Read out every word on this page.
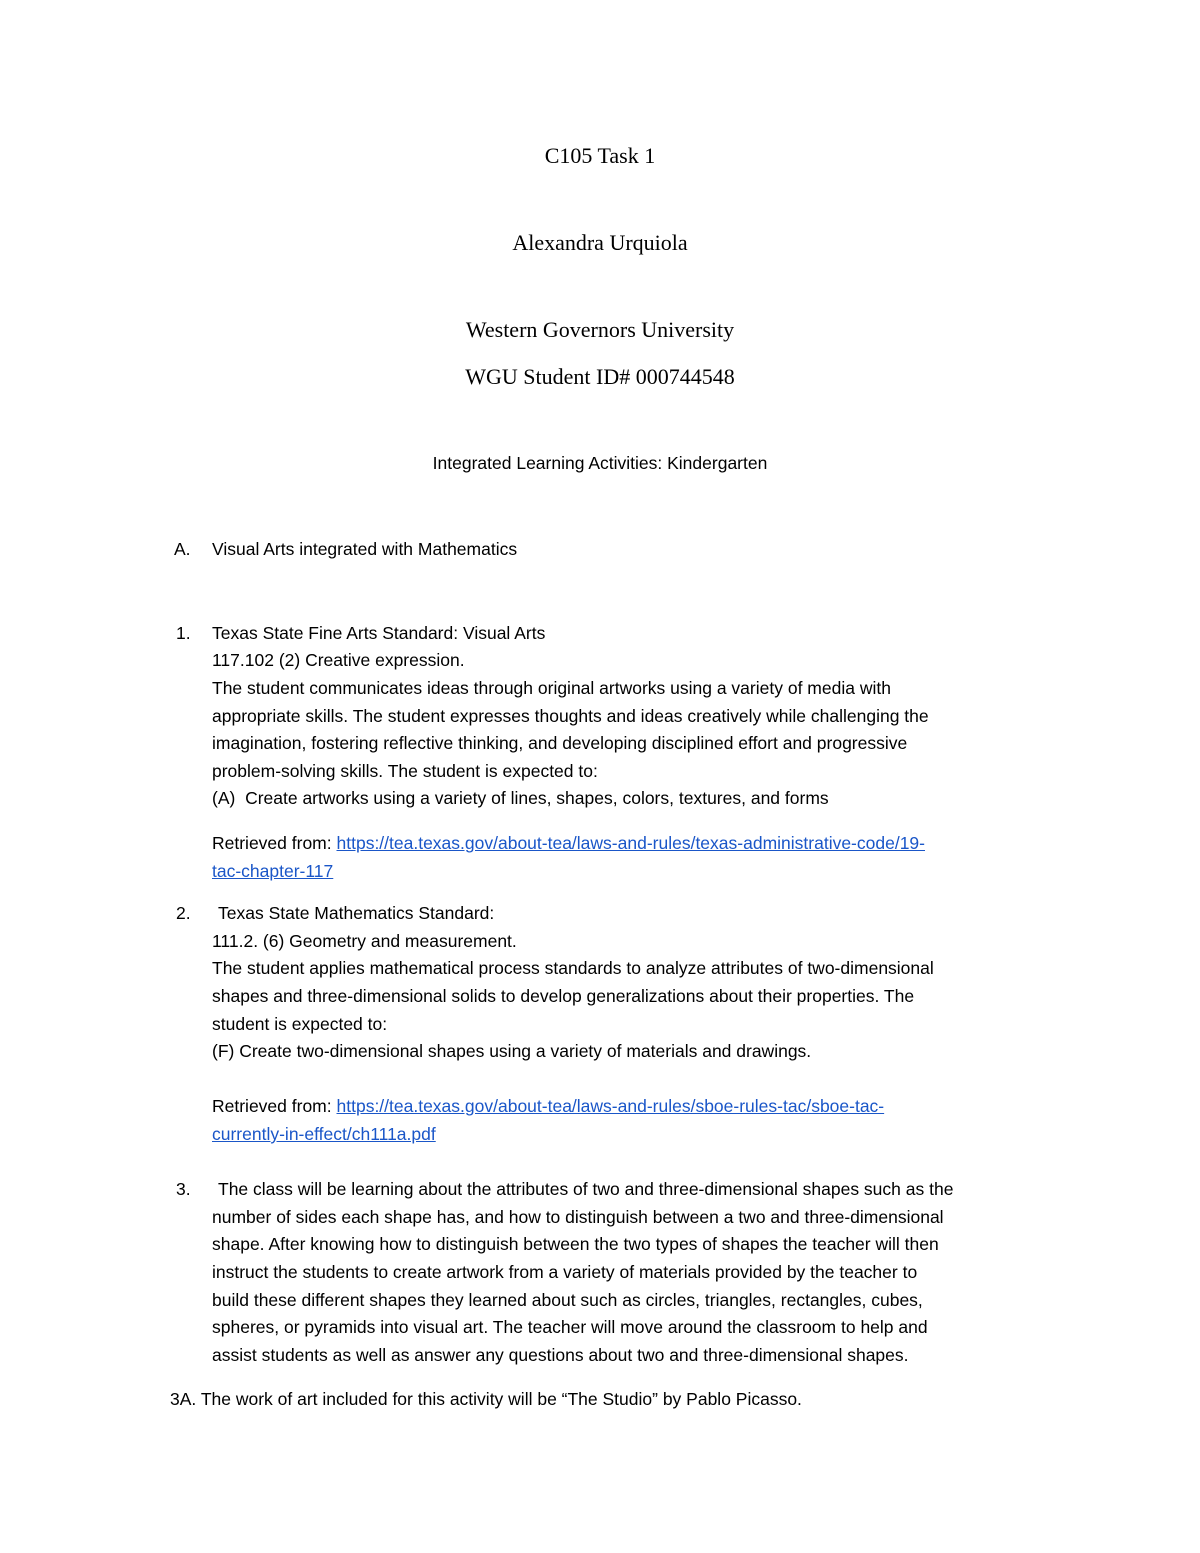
C105 Task 1
Alexandra Urquiola
Western Governors University
WGU Student ID# 000744548
Integrated Learning Activities: Kindergarten
A. Visual Arts integrated with Mathematics
1. Texas State Fine Arts Standard: Visual Arts
117.102 (2) Creative expression.
The student communicates ideas through original artworks using a variety of media with
appropriate skills. The student expresses thoughts and ideas creatively while challenging the
imagination, fostering reflective thinking, and developing disciplined effort and progressive
problem-solving skills. The student is expected to:
(A) Create artworks using a variety of lines, shapes, colors, textures, and forms
Retrieved from: https://tea.texas.gov/about-tea/laws-and-rules/texas-administrative-code/19-
tac-chapter-117
2. Texas State Mathematics Standard:
111.2. (6) Geometry and measurement.
The student applies mathematical process standards to analyze attributes of two-dimensional
shapes and three-dimensional solids to develop generalizations about their properties. The
student is expected to:
(F) Create two-dimensional shapes using a variety of materials and drawings.
Retrieved from: https://tea.texas.gov/about-tea/laws-and-rules/sboe-rules-tac/sboe-tac-
currently-in-effect/ch111a.pdf
3. The class will be learning about the attributes of two and three-dimensional shapes such as the
number of sides each shape has, and how to distinguish between a two and three-dimensional
shape. After knowing how to distinguish between the two types of shapes the teacher will then
instruct the students to create artwork from a variety of materials provided by the teacher to
build these different shapes they learned about such as circles, triangles, rectangles, cubes,
spheres, or pyramids into visual art. The teacher will move around the classroom to help and
assist students as well as answer any questions about two and three-dimensional shapes.
3A. The work of art included for this activity will be “The Studio” by Pablo Picasso.
